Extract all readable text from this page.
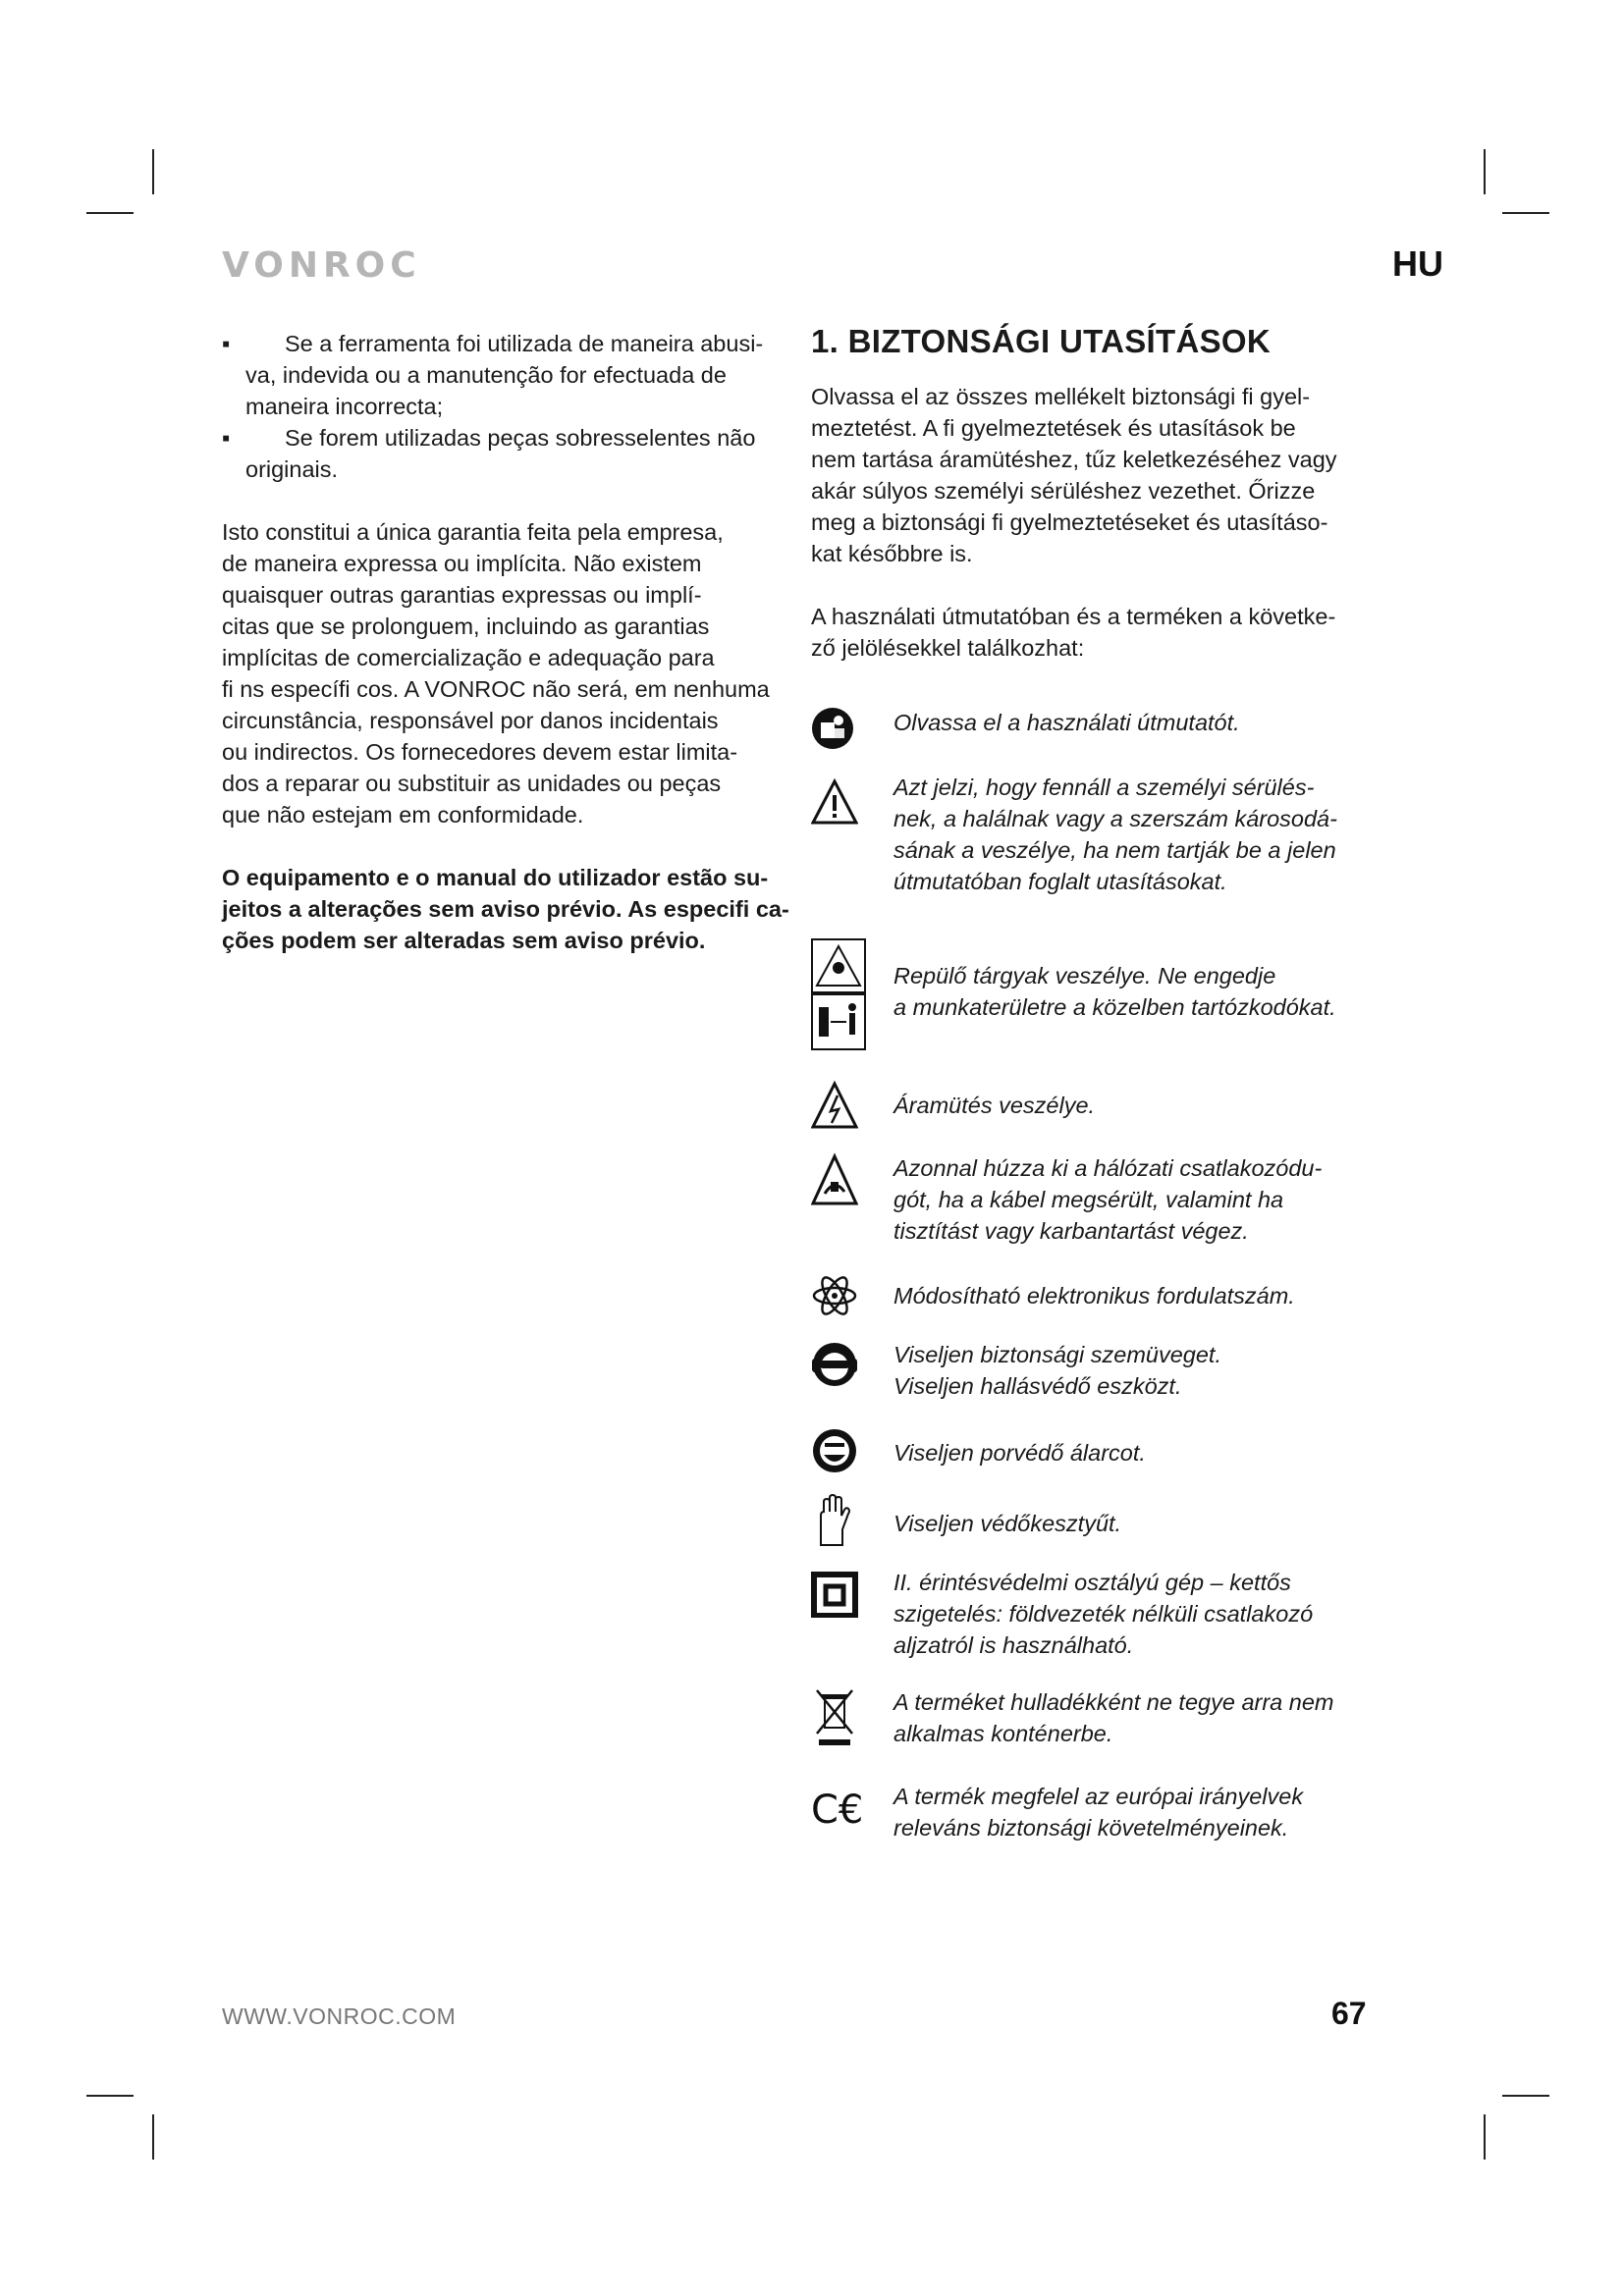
VONROC	HU
▪	Se a ferramenta foi utilizada de maneira abusi-
va, indevida ou a manutenção for efectuada de
maneira incorrecta;
▪	Se forem utilizadas peças sobresselentes não
originais.
Isto constitui a única garantia feita pela empresa,
de maneira expressa ou implícita. Não existem
quaisquer outras garantias expressas ou implí-
citas que se prolonguem, incluindo as garantias
implícitas de comercialização e adequação para
fi ns específi cos. A VONROC não será, em nenhuma
circunstância, responsável por danos incidentais
ou indirectos. Os fornecedores devem estar limita-
dos a reparar ou substituir as unidades ou peças
que não estejam em conformidade.
O equipamento e o manual do utilizador estão su-
jeitos a alterações sem aviso prévio. As especifi ca-
ções podem ser alteradas sem aviso prévio.
1. BIZTONSÁGI UTASÍTÁSOK
Olvassa el az összes mellékelt biztonsági fi gyel-
meztetést. A fi gyelmeztetések és utasítások be
nem tartása áramütéshez, tűz keletkezéséhez vagy
akár súlyos személyi sérüléshez vezethet. Őrizze
meg a biztonsági fi gyelmeztetéseket és utasításo-
kat későbbre is.
A használati útmutatóban és a terméken a követke-
ző jelölésekkel találkozhat:
Olvassa el a használati útmutatót.
Azt jelzi, hogy fennáll a személyi sérülés-
nek, a halálnak vagy a szerszám károsodá-
sának a veszélye, ha nem tartják be a jelen
útmutatóban foglalt utasításokat.
Repülő tárgyak veszélye. Ne engedje
a munkaterületre a közelben tartózkodókat.
Áramütés veszélye.
Azonnal húzza ki a hálózati csatlakozódu-
gót, ha a kábel megsérült, valamint ha
tisztítást vagy karbantartást végez.
Módosítható elektronikus fordulatszám.
Viseljen biztonsági szemüveget.
Viseljen hallásvédő eszközt.
Viseljen porvédő álarcot.
Viseljen védőkesztyűt.
II. érintésvédelmi osztályú gép – kettős
szigetelés: földvezeték nélküli csatlakozó
aljzatról is használható.
A terméket hulladékként ne tegye arra nem
alkalmas konténerbe.
C€ A termék megfelel az európai irányelvek
releváns biztonsági követelményeinek.
WWW.VONROC.COM	67
